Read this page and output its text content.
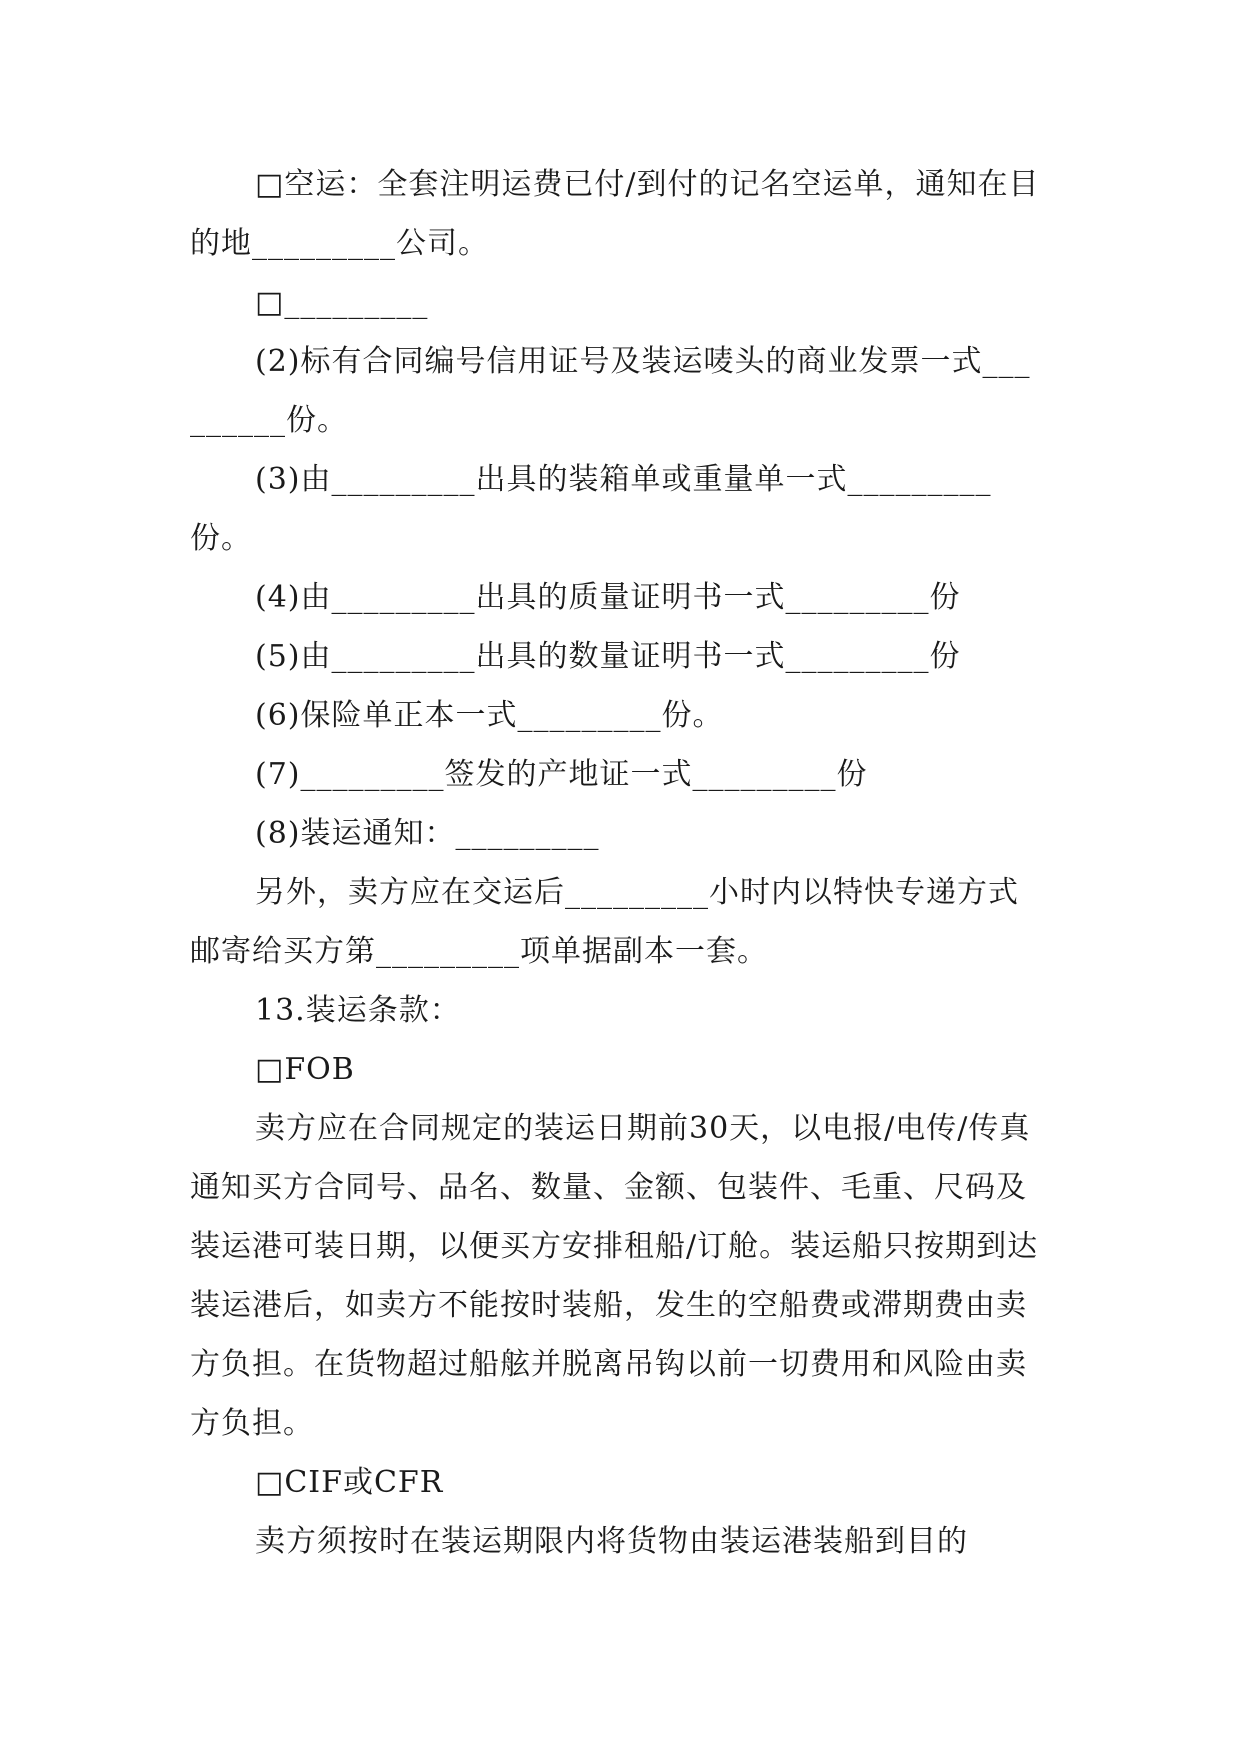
□空运：全套注明运费已付/到付的记名空运单，通知在目的地_________公司。

□_________

(2)标有合同编号信用证号及装运唛头的商业发票一式_________份。

(3)由_________出具的装箱单或重量单一式_________份。

(4)由_________出具的质量证明书一式_________份

(5)由_________出具的数量证明书一式_________份

(6)保险单正本一式_________份。

(7)_________签发的产地证一式_________份

(8)装运通知：_________

另外，卖方应在交运后_________小时内以特快专递方式邮寄给买方第_________项单据副本一套。

13.装运条款：

□FOB

卖方应在合同规定的装运日期前30天，以电报/电传/传真通知买方合同号、品名、数量、金额、包装件、毛重、尺码及装运港可装日期，以便买方安排租船/订舱。装运船只按期到达装运港后，如卖方不能按时装船，发生的空船费或滞期费由卖方负担。在货物超过船舷并脱离吊钩以前一切费用和风险由卖方负担。

□CIF或CFR

卖方须按时在装运期限内将货物由装运港装船到目的
